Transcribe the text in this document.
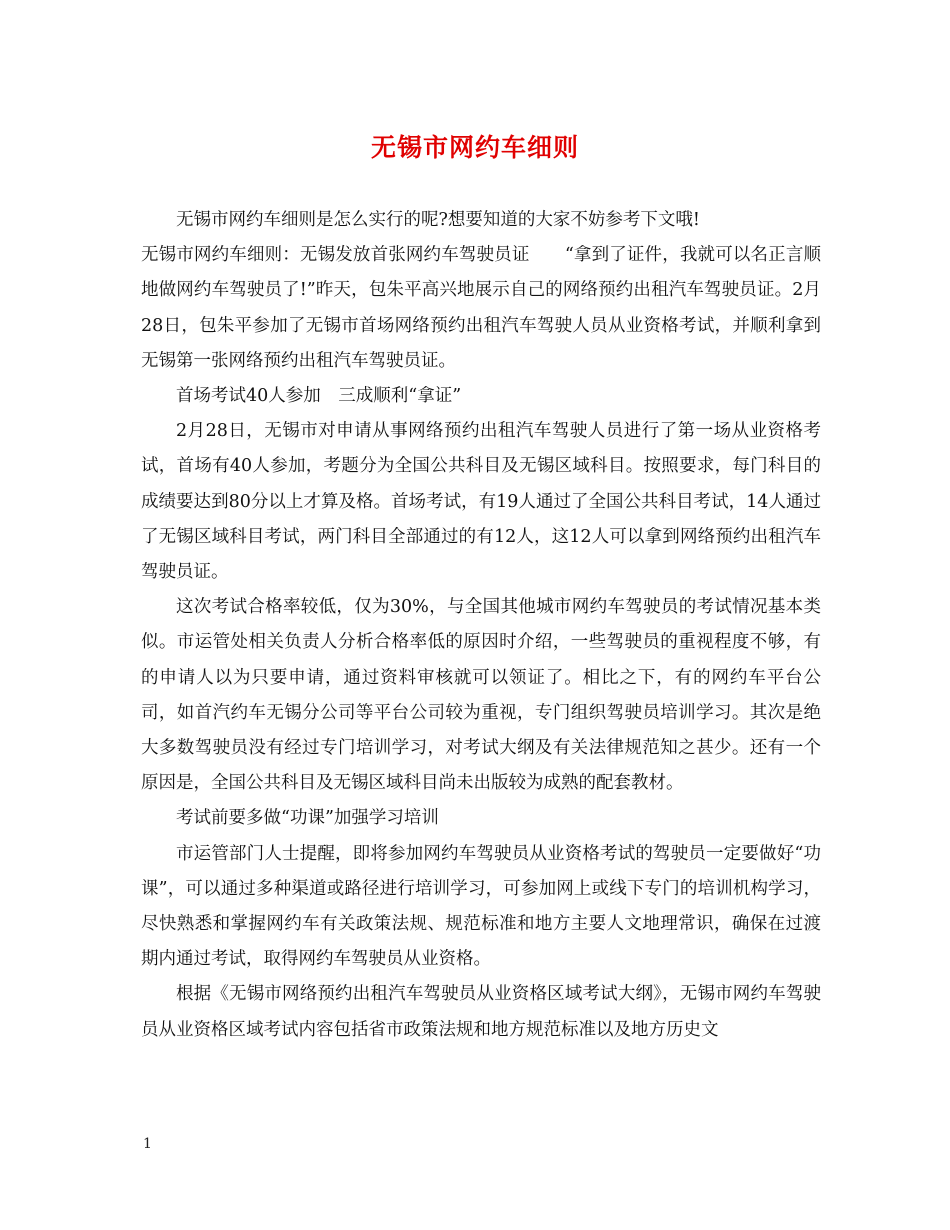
无锡市网约车细则

无锡市网约车细则是怎么实行的呢?想要知道的大家不妨参考下文哦!

无锡市网约车细则：无锡发放首张网约车驾驶员证　　“拿到了证件，我就可以名正言顺地做网约车驾驶员了!”昨天，包朱平高兴地展示自己的网络预约出租汽车驾驶员证。2月28日，包朱平参加了无锡市首场网络预约出租汽车驾驶人员从业资格考试，并顺利拿到无锡第一张网络预约出租汽车驾驶员证。

首场考试40人参加　三成顺利“拿证”

2月28日，无锡市对申请从事网络预约出租汽车驾驶人员进行了第一场从业资格考试，首场有40人参加，考题分为全国公共科目及无锡区域科目。按照要求，每门科目的成绩要达到80分以上才算及格。首场考试，有19人通过了全国公共科目考试，14人通过了无锡区域科目考试，两门科目全部通过的有12人，这12人可以拿到网络预约出租汽车驾驶员证。

这次考试合格率较低，仅为30%，与全国其他城市网约车驾驶员的考试情况基本类似。市运管处相关负责人分析合格率低的原因时介绍，一些驾驶员的重视程度不够，有的申请人以为只要申请，通过资料审核就可以领证了。相比之下，有的网约车平台公司，如首汽约车无锡分公司等平台公司较为重视，专门组织驾驶员培训学习。其次是绝大多数驾驶员没有经过专门培训学习，对考试大纲及有关法律规范知之甚少。还有一个原因是，全国公共科目及无锡区域科目尚未出版较为成熟的配套教材。

考试前要多做“功课”加强学习培训

市运管部门人士提醒，即将参加网约车驾驶员从业资格考试的驾驶员一定要做好“功课”，可以通过多种渠道或路径进行培训学习，可参加网上或线下专门的培训机构学习，尽快熟悉和掌握网约车有关政策法规、规范标准和地方主要人文地理常识，确保在过渡期内通过考试，取得网约车驾驶员从业资格。

根据《无锡市网络预约出租汽车驾驶员从业资格区域考试大纲》，无锡市网约车驾驶员从业资格区域考试内容包括省市政策法规和地方规范标准以及地方历史文

1
